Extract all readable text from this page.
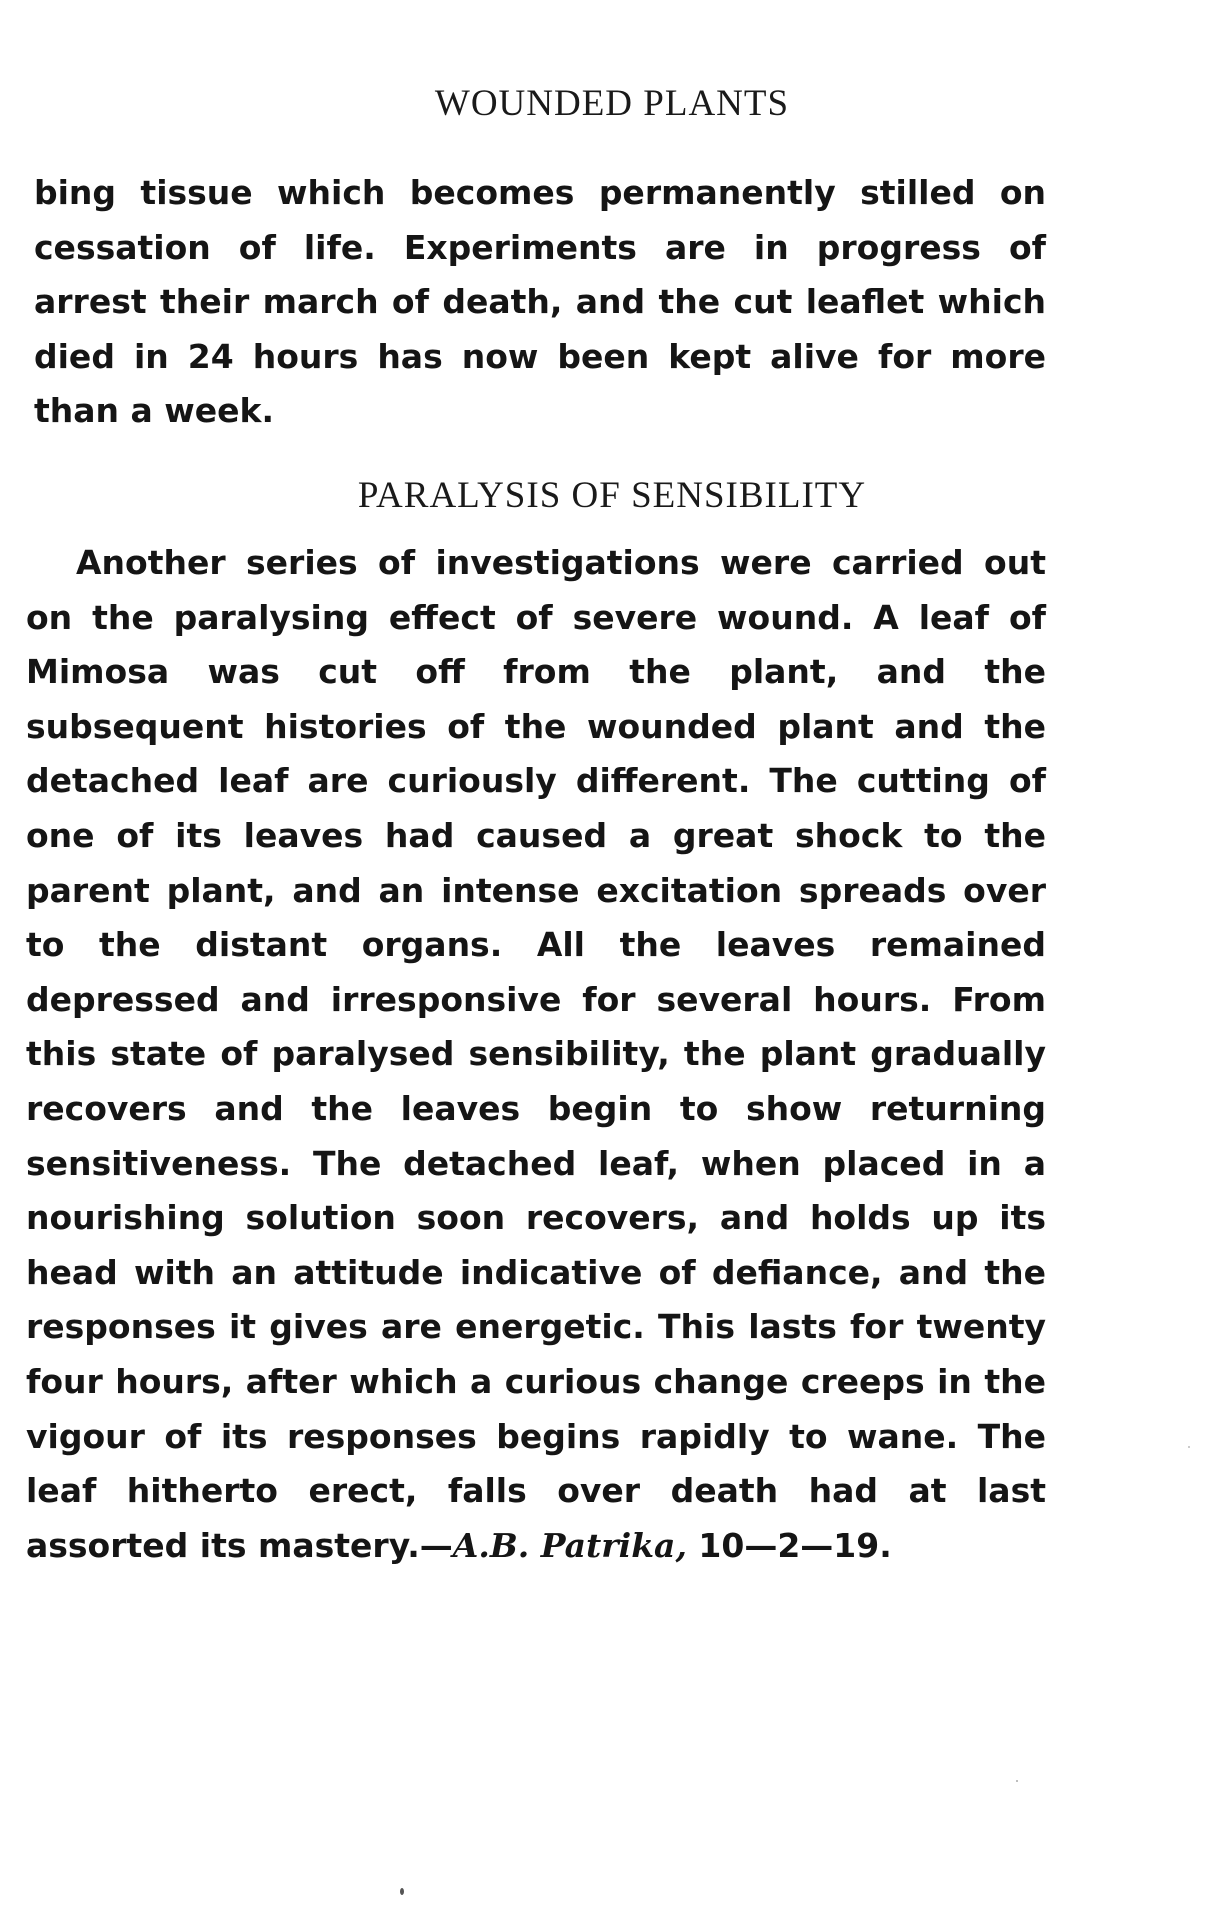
WOUNDED PLANTS

bing tissue which becomes permanently stilled on cessation of life. Experiments are in progress of arrest their march of death, and the cut leaflet which died in 24 hours has now been kept alive for more than a week.

PARALYSIS OF SENSIBILITY

Another series of investigations were carried out on the paralysing effect of severe wound. A leaf of Mimosa was cut off from the plant, and the subsequent histories of the wounded plant and the detached leaf are curiously different. The cutting of one of its leaves had caused a great shock to the parent plant, and an intense excitation spreads over to the distant organs. All the leaves remained depressed and irresponsive for several hours. From this state of paralysed sensibility, the plant gradually recovers and the leaves begin to show returning sensitiveness. The detached leaf, when placed in a nourishing solution soon recovers, and holds up its head with an attitude indicative of defiance, and the responses it gives are energetic. This lasts for twenty four hours, after which a curious change creeps in the vigour of its responses begins rapidly to wane. The leaf hitherto erect, falls over death had at last assorted its mastery.—A.B. Patrika, 10—2—19.
